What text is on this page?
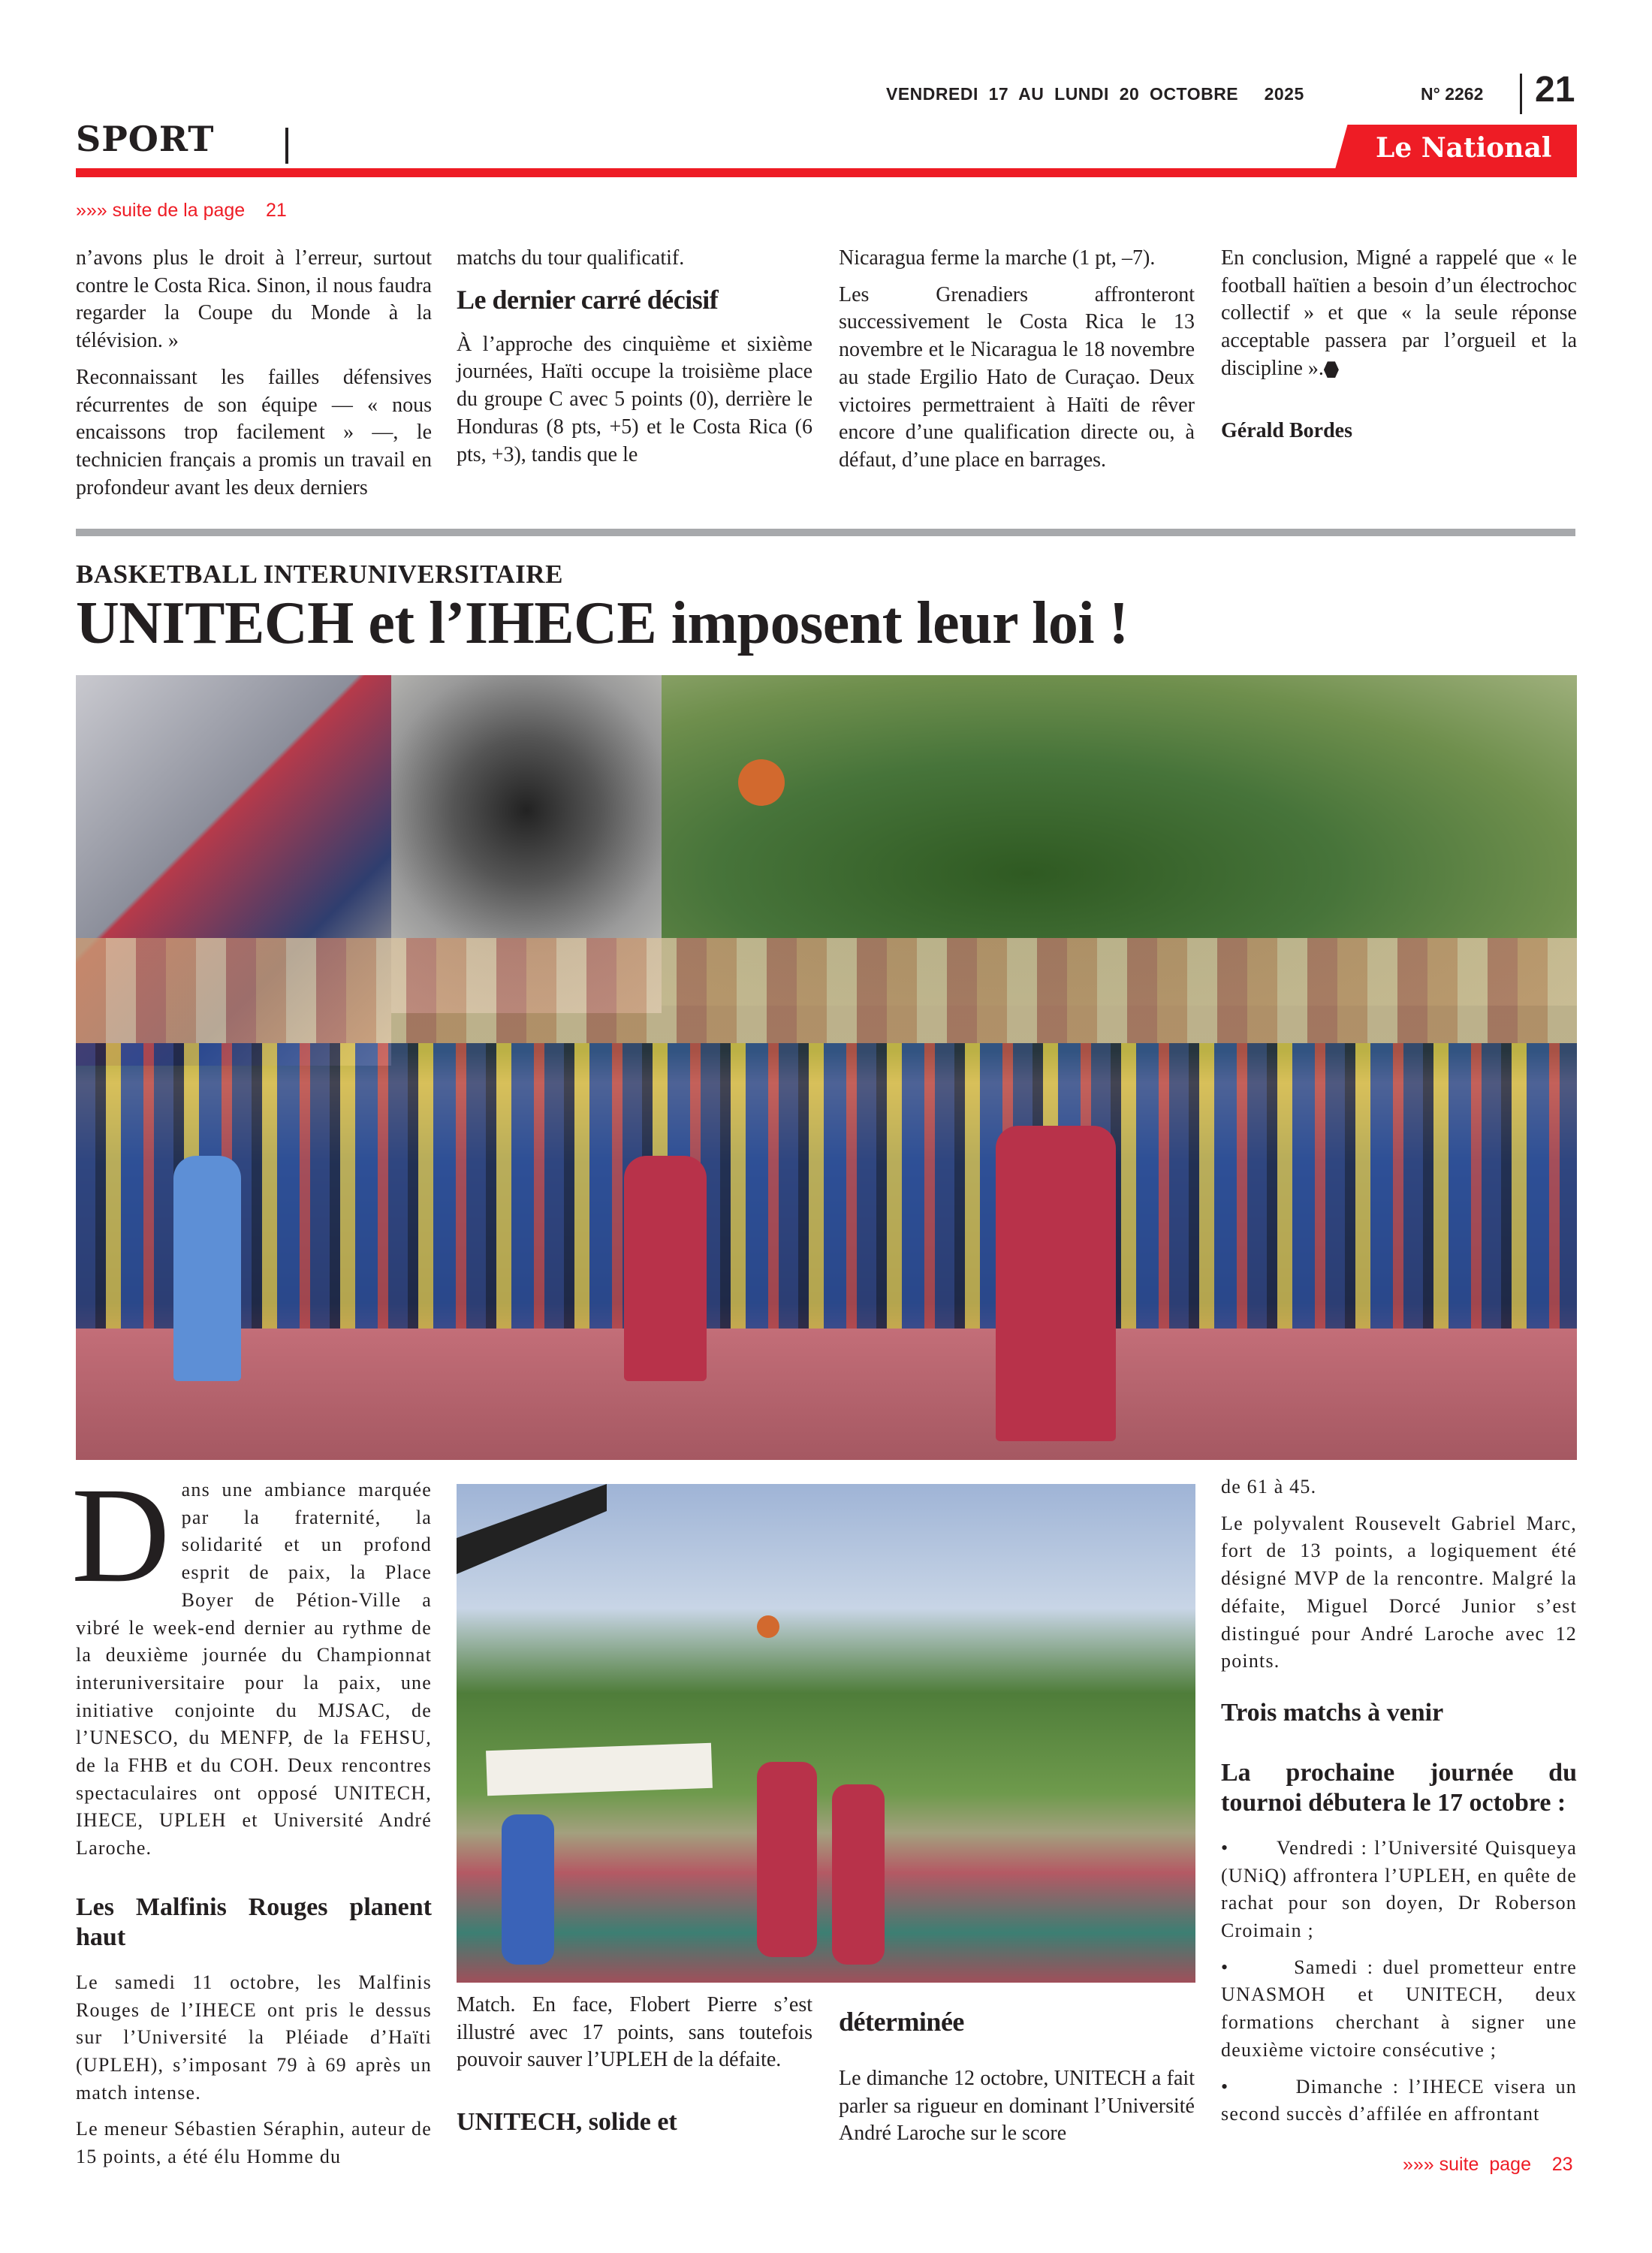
VENDREDI  17  AU  LUNDI  20  OCTOBRE     2025	N° 2262 21
SPORT	Le National
»»» suite de la page 21

n’avons plus le droit à l’erreur, surtout contre le Costa Rica. Sinon, il nous faudra regarder la Coupe du Monde à la télévision. »

Reconnaissant les failles défensives récurrentes de son équipe — « nous encaissons trop facilement » —, le technicien français a promis un travail en profondeur avant les deux derniers

matchs du tour qualificatif.

Le dernier carré décisif

À l’approche des cinquième et sixième journées, Haïti occupe la troisième place du groupe C avec 5 points (0), derrière le Honduras (8 pts, +5) et le Costa Rica (6 pts, +3), tandis que le

Nicaragua ferme la marche (1 pt, –7).

Les Grenadiers affronteront successivement le Costa Rica le 13 novembre et le Nicaragua le 18 novembre au stade Ergilio Hato de Curaçao. Deux victoires permettraient à Haïti de rêver encore d’une qualification directe ou, à défaut, d’une place en barrages.

En conclusion, Migné a rappelé que « le football haïtien a besoin d’un électrochoc collectif » et que « la seule réponse acceptable passera par l’orgueil et la discipline ».

Gérald Bordes

BASKETBALL INTERUNIVERSITAIRE
UNITECH et l’IHECE imposent leur loi !

Dans une ambiance marquée par la fraternité, la solidarité et un profond esprit de paix, la Place Boyer de Pétion-Ville a vibré le week-end dernier au rythme de la deuxième journée du Championnat interuniversitaire pour la paix, une initiative conjointe du MJSAC, de l’UNESCO, du MENFP, de la FEHSU, de la FHB et du COH. Deux rencontres spectaculaires ont opposé UNITECH, IHECE, UPLEH et Université André Laroche.

Les Malfinis Rouges planent haut

Le samedi 11 octobre, les Malfinis Rouges de l’IHECE ont pris le dessus sur l’Université la Pléiade d’Haïti (UPLEH), s’imposant 79 à 69 après un match intense.

Le meneur Sébastien Séraphin, auteur de 15 points, a été élu Homme du

Match. En face, Flobert Pierre s’est illustré avec 17 points, sans toutefois pouvoir sauver l’UPLEH de la défaite.

UNITECH, solide et
déterminée

Le dimanche 12 octobre, UNITECH a fait parler sa rigueur en dominant l’Université André Laroche sur le score

de 61 à 45.

Le polyvalent Rousevelt Gabriel Marc, fort de 13 points, a logiquement été désigné MVP de la rencontre. Malgré la défaite, Miguel Dorcé Junior s’est distingué pour André Laroche avec 12 points.

Trois matchs à venir
La prochaine journée du tournoi débutera le 17 octobre :

•       Vendredi : l’Université Quisqueya (UNiQ) affrontera l’UPLEH, en quête de rachat pour son doyen, Dr Roberson Croimain ;

•       Samedi : duel prometteur entre UNASMOH et UNITECH, deux formations cherchant à signer une deuxième victoire consécutive ;

•       Dimanche : l’IHECE visera un second succès d’affilée en affrontant

»»» suite  page 23
